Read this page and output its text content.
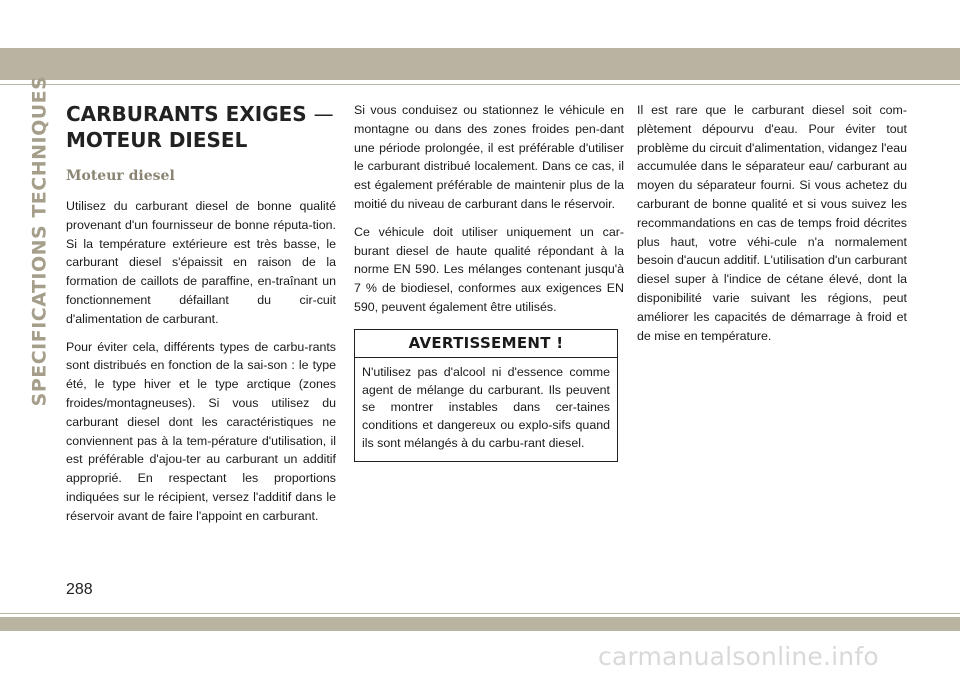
SPECIFICATIONS TECHNIQUES CARBURANTS EXIGES —
MOTEUR DIESEL
Moteur diesel

Utilisez du carburant diesel de bonne qualité provenant d'un fournisseur de bonne réputa-tion. Si la température extérieure est très basse, le carburant diesel s'épaissit en raison de la formation de caillots de paraffine, en-traînant un fonctionnement défaillant du cir-cuit d'alimentation de carburant.

Pour éviter cela, différents types de carbu-rants sont distribués en fonction de la sai-son : le type été, le type hiver et le type arctique (zones froides/montagneuses). Si vous utilisez du carburant diesel dont les caractéristiques ne conviennent pas à la tem-pérature d'utilisation, il est préférable d'ajou-ter au carburant un additif approprié. En respectant les proportions indiquées sur le récipient, versez l'additif dans le réservoir avant de faire l'appoint en carburant.

Si vous conduisez ou stationnez le véhicule en montagne ou dans des zones froides pen-dant une période prolongée, il est préférable d'utiliser le carburant distribué localement. Dans ce cas, il est également préférable de maintenir plus de la moitié du niveau de carburant dans le réservoir.

Ce véhicule doit utiliser uniquement un car-burant diesel de haute qualité répondant à la norme EN 590. Les mélanges contenant jusqu'à 7 % de biodiesel, conformes aux exigences EN 590, peuvent également être utilisés.

AVERTISSEMENT !
N'utilisez pas d'alcool ni d'essence comme agent de mélange du carburant. Ils peuvent se montrer instables dans cer-taines conditions et dangereux ou explo-sifs quand ils sont mélangés à du carbu-rant diesel.

Il est rare que le carburant diesel soit com-plètement dépourvu d'eau. Pour éviter tout problème du circuit d'alimentation, vidangez l'eau accumulée dans le séparateur eau/ carburant au moyen du séparateur fourni. Si vous achetez du carburant de bonne qualité et si vous suivez les recommandations en cas de temps froid décrites plus haut, votre véhi-cule n'a normalement besoin d'aucun additif. L'utilisation d'un carburant diesel super à l'indice de cétane élevé, dont la disponibilité varie suivant les régions, peut améliorer les capacités de démarrage à froid et de mise en température.

288
carmanualsonline.info
